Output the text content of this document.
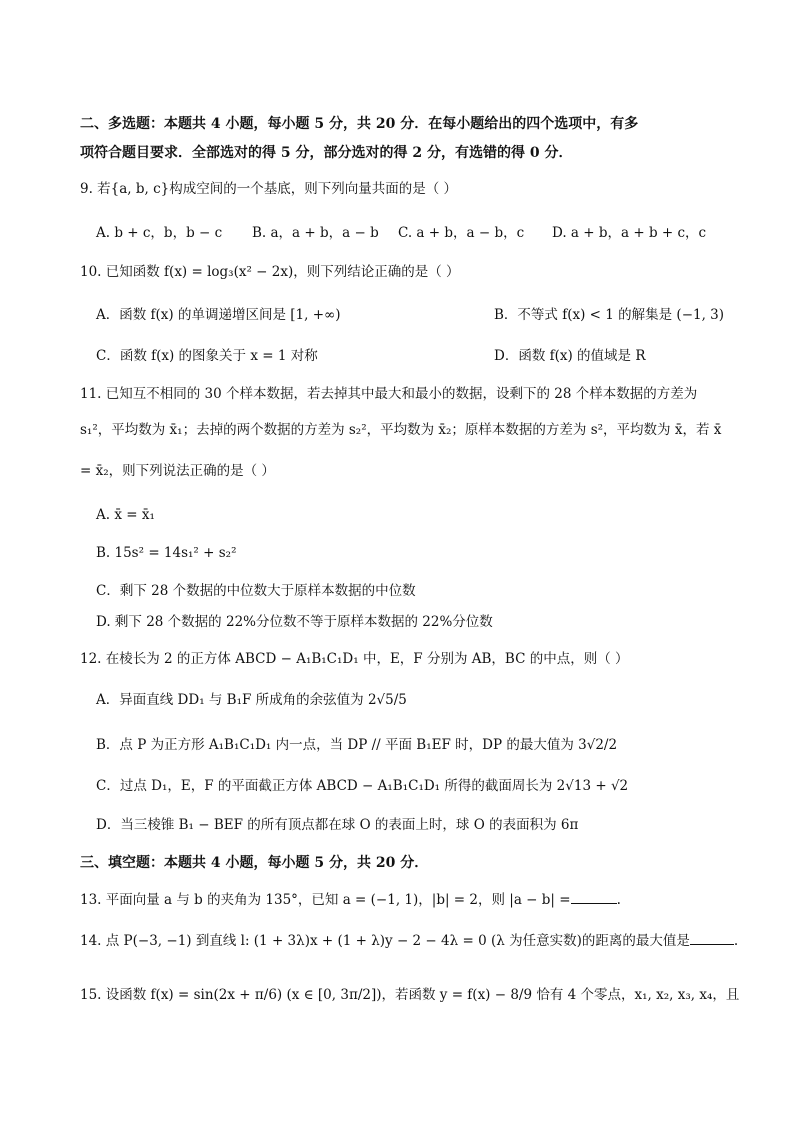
二、多选题：本题共 4 小题，每小题 5 分，共 20 分．在每小题给出的四个选项中，有多
项符合题目要求．全部选对的得 5 分，部分选对的得 2 分，有选错的得 0 分．
9. 若{a, b, c}构成空间的一个基底，则下列向量共面的是（ ）
A. b + c，b，b − c B. a，a + b，a − b C. a + b，a − b，c D. a + b，a + b + c，c
10. 已知函数 f(x) = log₃(x² − 2x)，则下列结论正确的是（ ）
A．函数 f(x) 的单调递增区间是 [1, +∞)	B．不等式 f(x) < 1 的解集是 (−1, 3)
C．函数 f(x) 的图象关于 x = 1 对称	D．函数 f(x) 的值域是 R
11. 已知互不相同的 30 个样本数据，若去掉其中最大和最小的数据，设剩下的 28 个样本数据的方差为
s₁²，平均数为 x̄₁；去掉的两个数据的方差为 s₂²，平均数为 x̄₂；原样本数据的方差为 s²，平均数为 x̄，若 x̄
= x̄₂，则下列说法正确的是（ ）
A. x̄ = x̄₁
B. 15s² = 14s₁² + s₂²
C．剩下 28 个数据的中位数大于原样本数据的中位数
D. 剩下 28 个数据的 22%分位数不等于原样本数据的 22%分位数
12. 在棱长为 2 的正方体 ABCD − A₁B₁C₁D₁ 中，E，F 分别为 AB，BC 的中点，则（ ）
A．异面直线 DD₁ 与 B₁F 所成角的余弦值为 2√5/5
B．点 P 为正方形 A₁B₁C₁D₁ 内一点，当 DP // 平面 B₁EF 时，DP 的最大值为 3√2/2
C．过点 D₁，E，F 的平面截正方体 ABCD − A₁B₁C₁D₁ 所得的截面周长为 2√13 + √2
D．当三棱锥 B₁ − BEF 的所有顶点都在球 O 的表面上时，球 O 的表面积为 6π
三、填空题：本题共 4 小题，每小题 5 分，共 20 分．
13. 平面向量 a 与 b 的夹角为 135°，已知 a = (−1, 1)，|b| = 2，则 |a − b| =	.
14. 点 P(−3, −1) 到直线 l: (1 + 3λ)x + (1 + λ)y − 2 − 4λ = 0 (λ 为任意实数)的距离的最大值是	.
15. 设函数 f(x) = sin(2x + π/6) (x ∈ [0, 3π/2])，若函数 y = f(x) − 8/9 恰有 4 个零点，x₁, x₂, x₃, x₄，且
